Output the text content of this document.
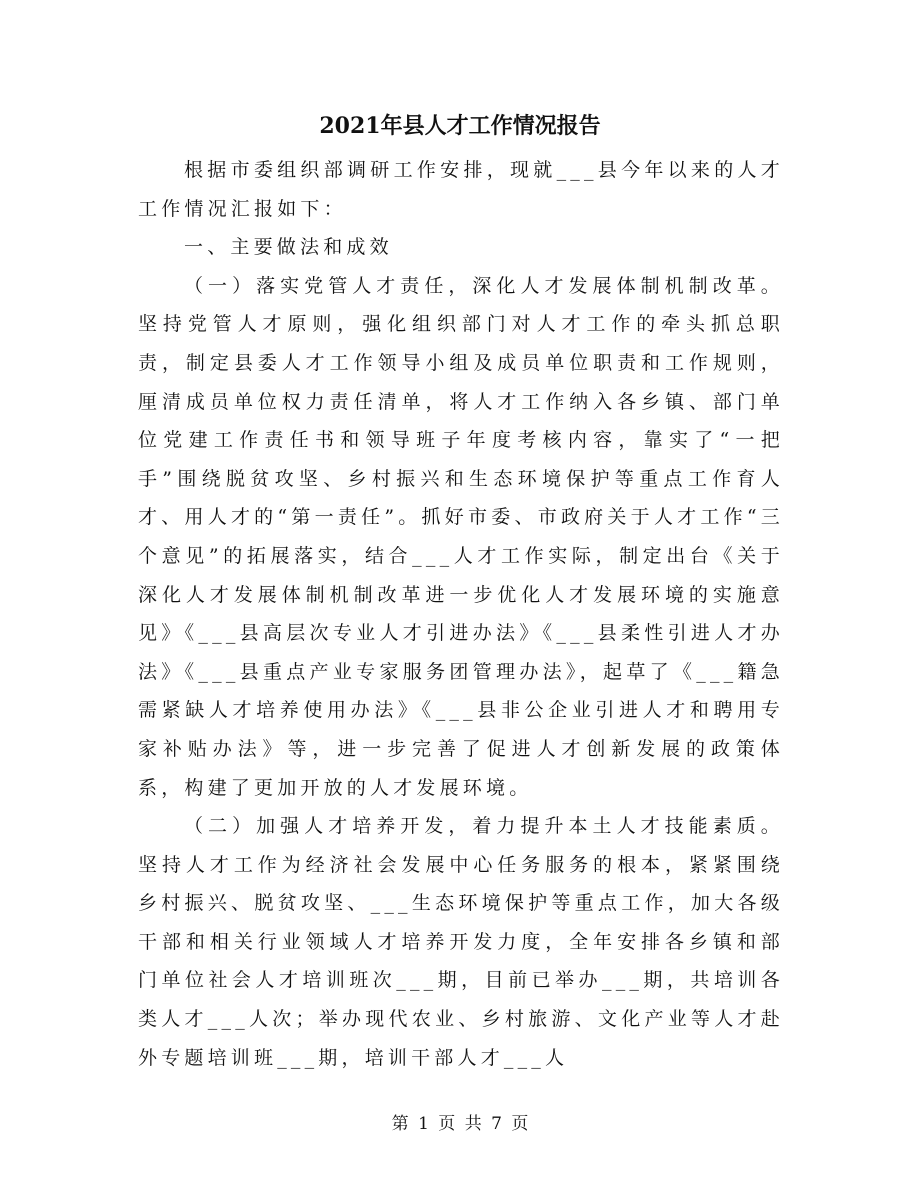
2021年县人才工作情况报告

根据市委组织部调研工作安排，现就___县今年以来的人才工作情况汇报如下：

一、主要做法和成效

（一）落实党管人才责任，深化人才发展体制机制改革。坚持党管人才原则，强化组织部门对人才工作的牵头抓总职责，制定县委人才工作领导小组及成员单位职责和工作规则，厘清成员单位权力责任清单，将人才工作纳入各乡镇、部门单位党建工作责任书和领导班子年度考核内容，靠实了“一把手”围绕脱贫攻坚、乡村振兴和生态环境保护等重点工作育人才、用人才的“第一责任”。抓好市委、市政府关于人才工作“三个意见”的拓展落实，结合___人才工作实际，制定出台《关于深化人才发展体制机制改革进一步优化人才发展环境的实施意见》《___县高层次专业人才引进办法》《___县柔性引进人才办法》《___县重点产业专家服务团管理办法》，起草了《___籍急需紧缺人才培养使用办法》《___县非公企业引进人才和聘用专家补贴办法》等，进一步完善了促进人才创新发展的政策体系，构建了更加开放的人才发展环境。

（二）加强人才培养开发，着力提升本土人才技能素质。坚持人才工作为经济社会发展中心任务服务的根本，紧紧围绕乡村振兴、脱贫攻坚、___生态环境保护等重点工作，加大各级干部和相关行业领域人才培养开发力度，全年安排各乡镇和部门单位社会人才培训班次___期，目前已举办___期，共培训各类人才___人次；举办现代农业、乡村旅游、文化产业等人才赴外专题培训班___期，培训干部人才___人

第 1 页 共 7 页
